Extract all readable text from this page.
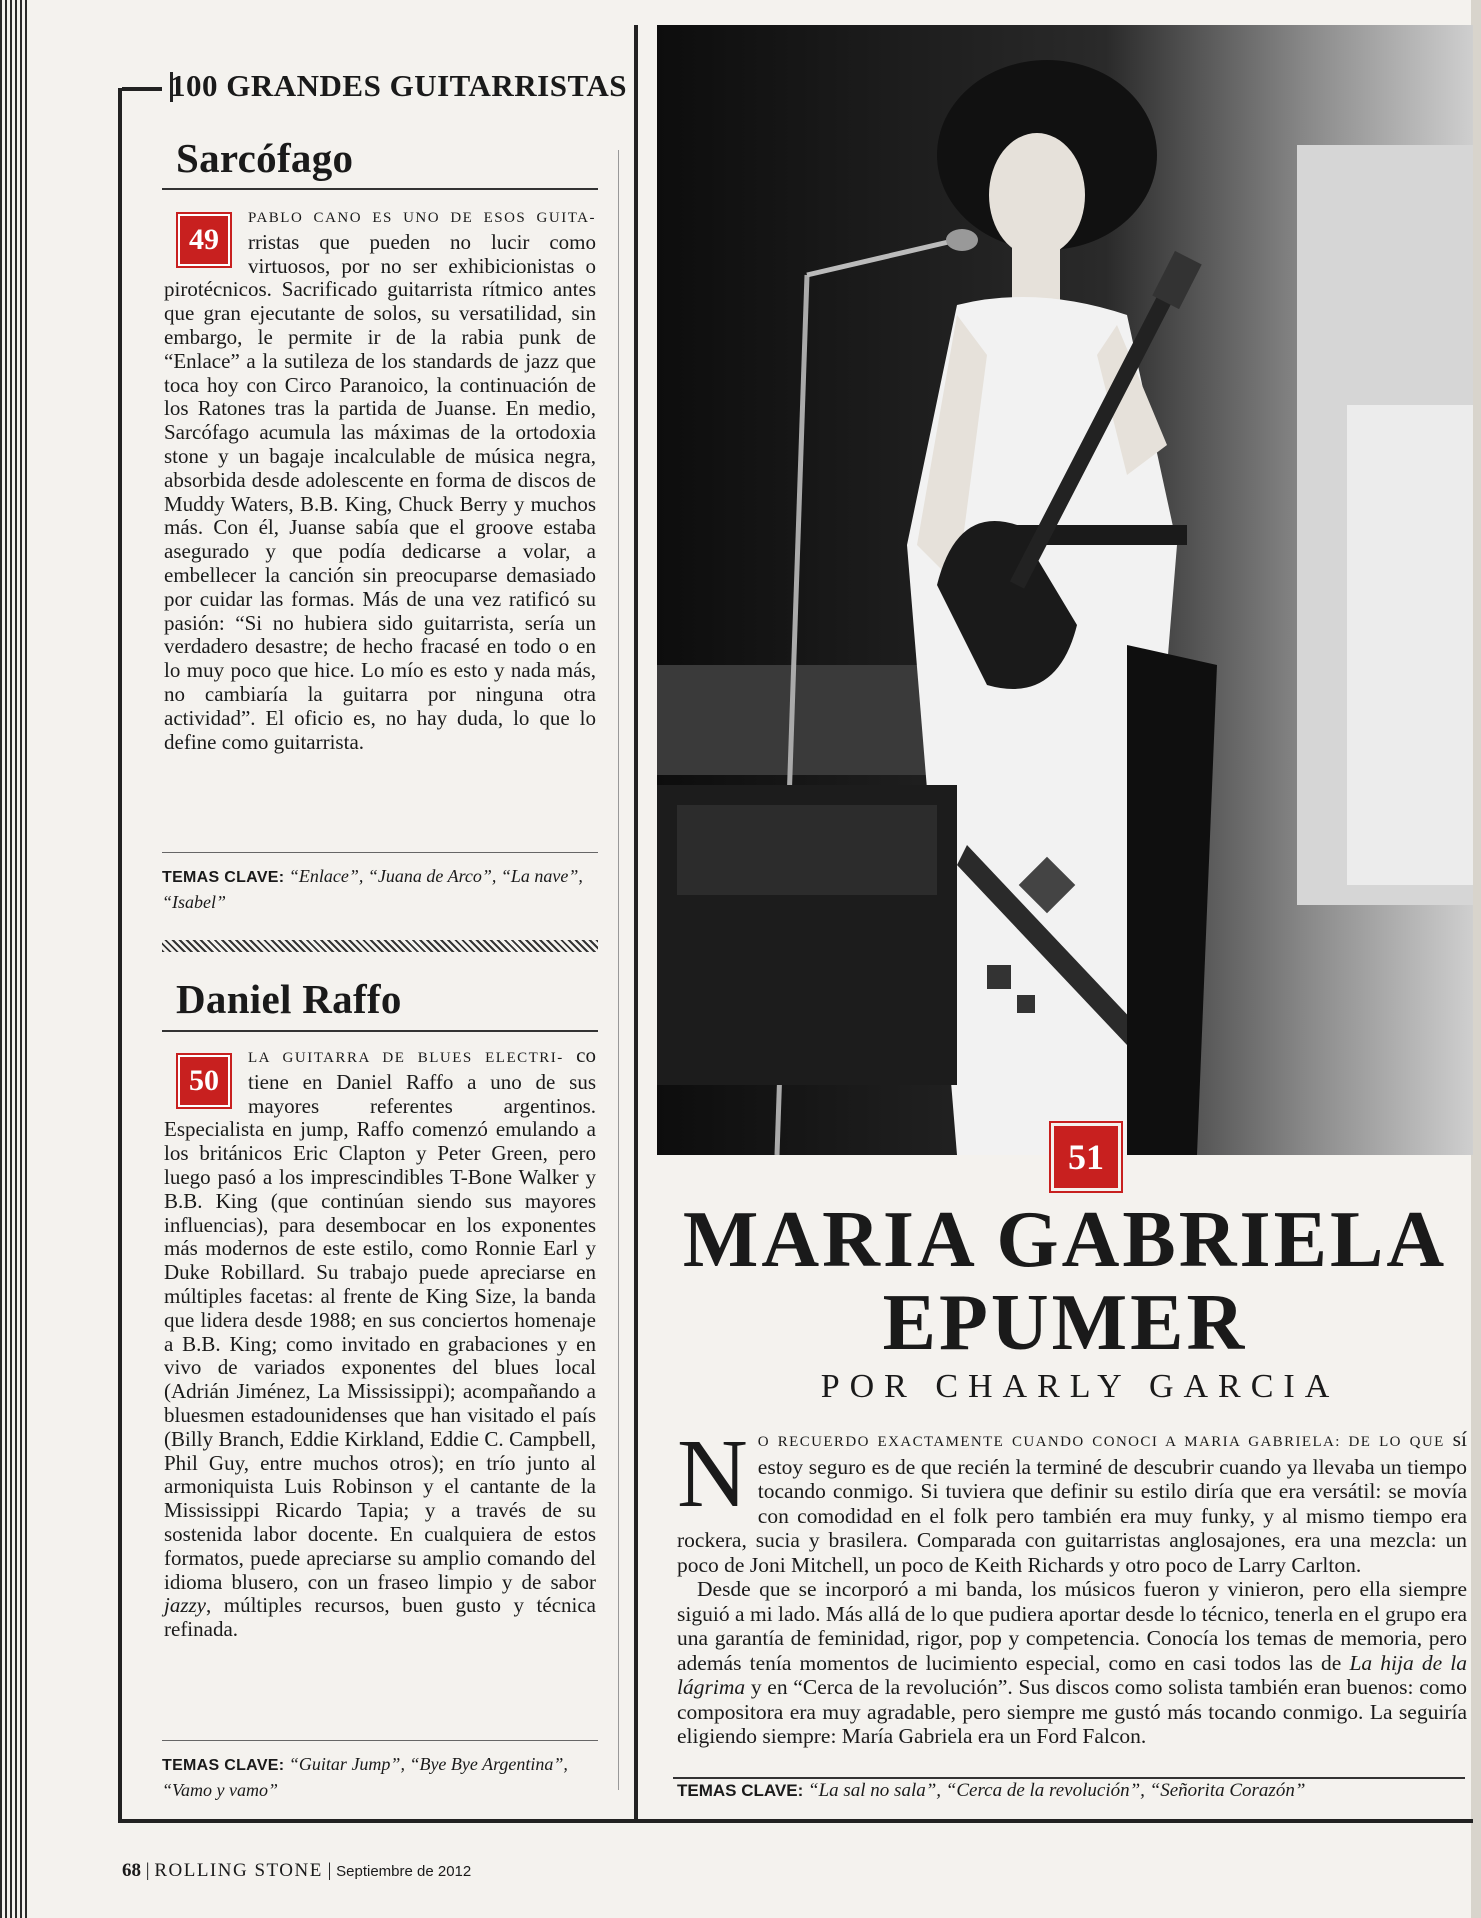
100 GRANDES GUITARRISTAS
Sarcófago
49
PABLO CANO ES UNO DE ESOS GUITA- rristas que pueden no lucir como virtuosos, por no ser exhibicionistas o pirotécnicos. Sacrificado guitarrista rítmico antes que gran ejecutante de solos, su versatilidad, sin embargo, le permite ir de la rabia punk de “Enlace” a la sutileza de los standards de jazz que toca hoy con Circo Paranoico, la continuación de los Ratones tras la partida de Juanse. En medio, Sarcófago acumula las máximas de la ortodoxia stone y un bagaje incalculable de música negra, absorbida desde adolescente en forma de discos de Muddy Waters, B.B. King, Chuck Berry y muchos más. Con él, Juanse sabía que el groove estaba asegurado y que podía dedicarse a volar, a embellecer la canción sin preocuparse demasiado por cuidar las formas. Más de una vez ratificó su pasión: “Si no hubiera sido guitarrista, sería un verdadero desastre; de hecho fracasé en todo o en lo muy poco que hice. Lo mío es esto y nada más, no cambiaría la guitarra por ninguna otra actividad”. El oficio es, no hay duda, lo que lo define como guitarrista.
TEMAS CLAVE: “Enlace”, “Juana de Arco”, “La nave”, “Isabel”
Daniel Raffo
50
LA GUITARRA DE BLUES ELECTRI- co tiene en Daniel Raffo a uno de sus mayores referentes argentinos. Especialista en jump, Raffo comenzó emulando a los británicos Eric Clapton y Peter Green, pero luego pasó a los imprescindibles T-Bone Walker y B.B. King (que continúan siendo sus mayores influencias), para desembocar en los exponentes más modernos de este estilo, como Ronnie Earl y Duke Robillard. Su trabajo puede apreciarse en múltiples facetas: al frente de King Size, la banda que lidera desde 1988; en sus conciertos homenaje a B.B. King; como invitado en grabaciones y en vivo de variados exponentes del blues local (Adrián Jiménez, La Mississippi); acompañando a bluesmen estadounidenses que han visitado el país (Billy Branch, Eddie Kirkland, Eddie C. Campbell, Phil Guy, entre muchos otros); en trío junto al armoniquista Luis Robinson y el cantante de la Mississippi Ricardo Tapia; y a través de su sostenida labor docente. En cualquiera de estos formatos, puede apreciarse su amplio comando del idioma blusero, con un fraseo limpio y de sabor jazzy, múltiples recursos, buen gusto y técnica refinada.
TEMAS CLAVE: “Guitar Jump”, “Bye Bye Argentina”, “Vamo y vamo”
51
MARIA GABRIELA
EPUMER
POR CHARLY GARCIA

N O RECUERDO EXACTAMENTE CUANDO CONOCI A MARIA GABRIELA: DE LO QUE sí estoy seguro es de que recién la terminé de descubrir cuando ya llevaba un tiempo tocando conmigo. Si tuviera que definir su estilo diría que era versátil: se movía con comodidad en el folk pero también era muy funky, y al mismo tiempo era rockera, sucia y brasilera. Comparada con guitarristas anglosajones, era una mezcla: un poco de Joni Mitchell, un poco de Keith Richards y otro poco de Larry Carlton.

Desde que se incorporó a mi banda, los músicos fueron y vinieron, pero ella siempre siguió a mi lado. Más allá de lo que pudiera aportar desde lo técnico, tenerla en el grupo era una garantía de feminidad, rigor, pop y competencia. Conocía los temas de memoria, pero además tenía momentos de lucimiento especial, como en casi todos las de La hija de la lágrima y en “Cerca de la revolución”. Sus discos como solista también eran buenos: como compositora era muy agradable, pero siempre me gustó más tocando conmigo. La seguiría eligiendo siempre: María Gabriela era un Ford Falcon.

TEMAS CLAVE: “La sal no sala”, “Cerca de la revolución”, “Señorita Corazón”
68 | ROLLING STONE | Septiembre de 2012
